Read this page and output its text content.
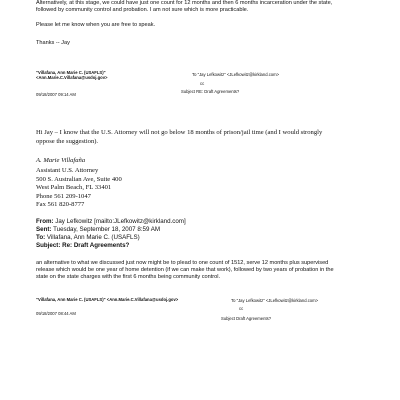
Alternatively, at this stage, we could have just one count for 12 months and then 6 months incarceration under the state,
followed by community control and probation. I am not sure which is more practicable.
Please let me know when you are free to speak.
Thanks -- Jay
"Villafana, Ann Marie C. (USAFLS)"
<Ann.Marie.C.Villafana@usdoj.gov>
09/18/2007 09:14 AM
To "Jay Lefkowitz" <JLefkowitz@kirkland.com>
cc
Subject RE: Draft Agreements?
Hi Jay – I know that the U.S. Attorney will not go below 18 months of prison/jail time (and I would strongly
oppose the suggestion).
A. Marie Villafaña
Assistant U.S. Attorney
500 S. Australian Ave, Suite 400
West Palm Beach, FL 33401
Phone 561 209-1047
Fax 561 820-8777
From: Jay Lefkowitz [mailto:JLefkowitz@kirkland.com]
Sent: Tuesday, September 18, 2007 8:59 AM
To: Villafana, Ann Marie C. (USAFLS)
Subject: Re: Draft Agreements?
an alternative to what we discussed just now might be to plead to one count of 1512, serve 12 months plus supervised
release which would be one year of home detention (if we can make that work), followed by two years of probation in the
state on the state charges with the first 6 months being community control.
"Villafana, Ann Marie C. (USAFLS)" <Ann.Marie.C.Villafana@usdoj.gov>
09/18/2007 08:44 AM
To "Jay Lefkowitz" <JLefkowitz@kirkland.com>
cc
Subject Draft Agreements?
